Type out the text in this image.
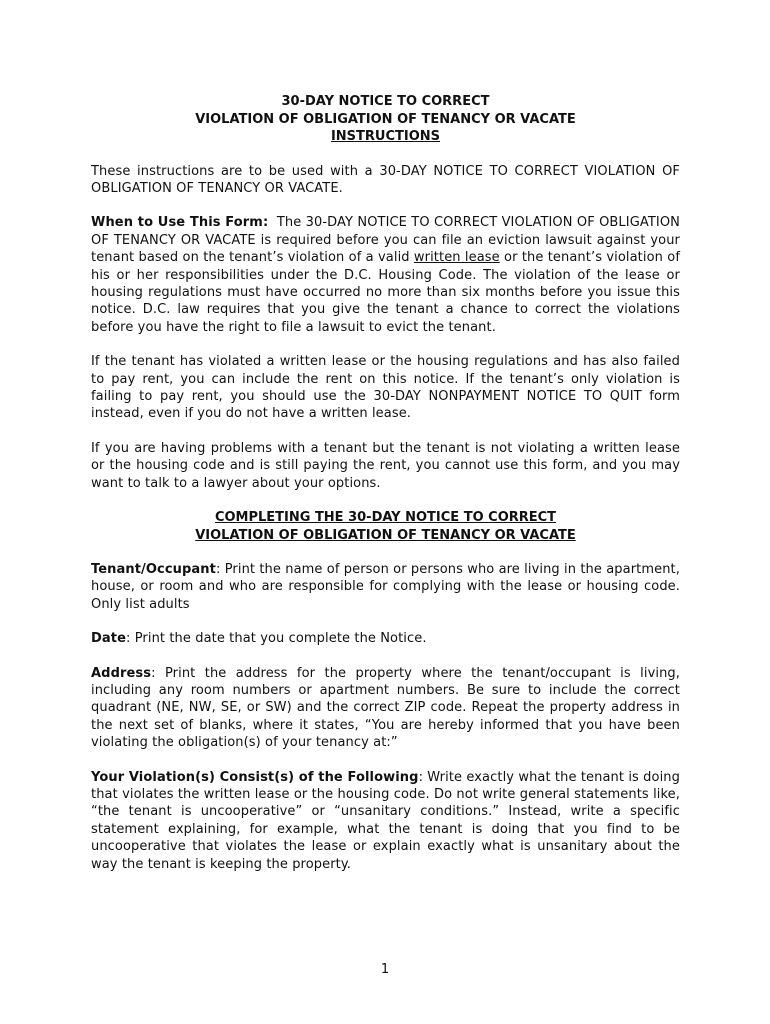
30-DAY NOTICE TO CORRECT
VIOLATION OF OBLIGATION OF TENANCY OR VACATE
INSTRUCTIONS

These instructions are to be used with a 30-DAY NOTICE TO CORRECT VIOLATION OF OBLIGATION OF TENANCY OR VACATE.

When to Use This Form: The 30-DAY NOTICE TO CORRECT VIOLATION OF OBLIGATION OF TENANCY OR VACATE is required before you can file an eviction lawsuit against your tenant based on the tenant’s violation of a valid written lease or the tenant’s violation of his or her responsibilities under the D.C. Housing Code. The violation of the lease or housing regulations must have occurred no more than six months before you issue this notice. D.C. law requires that you give the tenant a chance to correct the violations before you have the right to file a lawsuit to evict the tenant.

If the tenant has violated a written lease or the housing regulations and has also failed to pay rent, you can include the rent on this notice. If the tenant’s only violation is failing to pay rent, you should use the 30-DAY NONPAYMENT NOTICE TO QUIT form instead, even if you do not have a written lease.

If you are having problems with a tenant but the tenant is not violating a written lease or the housing code and is still paying the rent, you cannot use this form, and you may want to talk to a lawyer about your options.

COMPLETING THE 30-DAY NOTICE TO CORRECT
VIOLATION OF OBLIGATION OF TENANCY OR VACATE

Tenant/Occupant: Print the name of person or persons who are living in the apartment, house, or room and who are responsible for complying with the lease or housing code. Only list adults

Date: Print the date that you complete the Notice.

Address: Print the address for the property where the tenant/occupant is living, including any room numbers or apartment numbers. Be sure to include the correct quadrant (NE, NW, SE, or SW) and the correct ZIP code. Repeat the property address in the next set of blanks, where it states, “You are hereby informed that you have been violating the obligation(s) of your tenancy at:”

Your Violation(s) Consist(s) of the Following: Write exactly what the tenant is doing that violates the written lease or the housing code. Do not write general statements like, “the tenant is uncooperative” or “unsanitary conditions.” Instead, write a specific statement explaining, for example, what the tenant is doing that you find to be uncooperative that violates the lease or explain exactly what is unsanitary about the way the tenant is keeping the property.

1
